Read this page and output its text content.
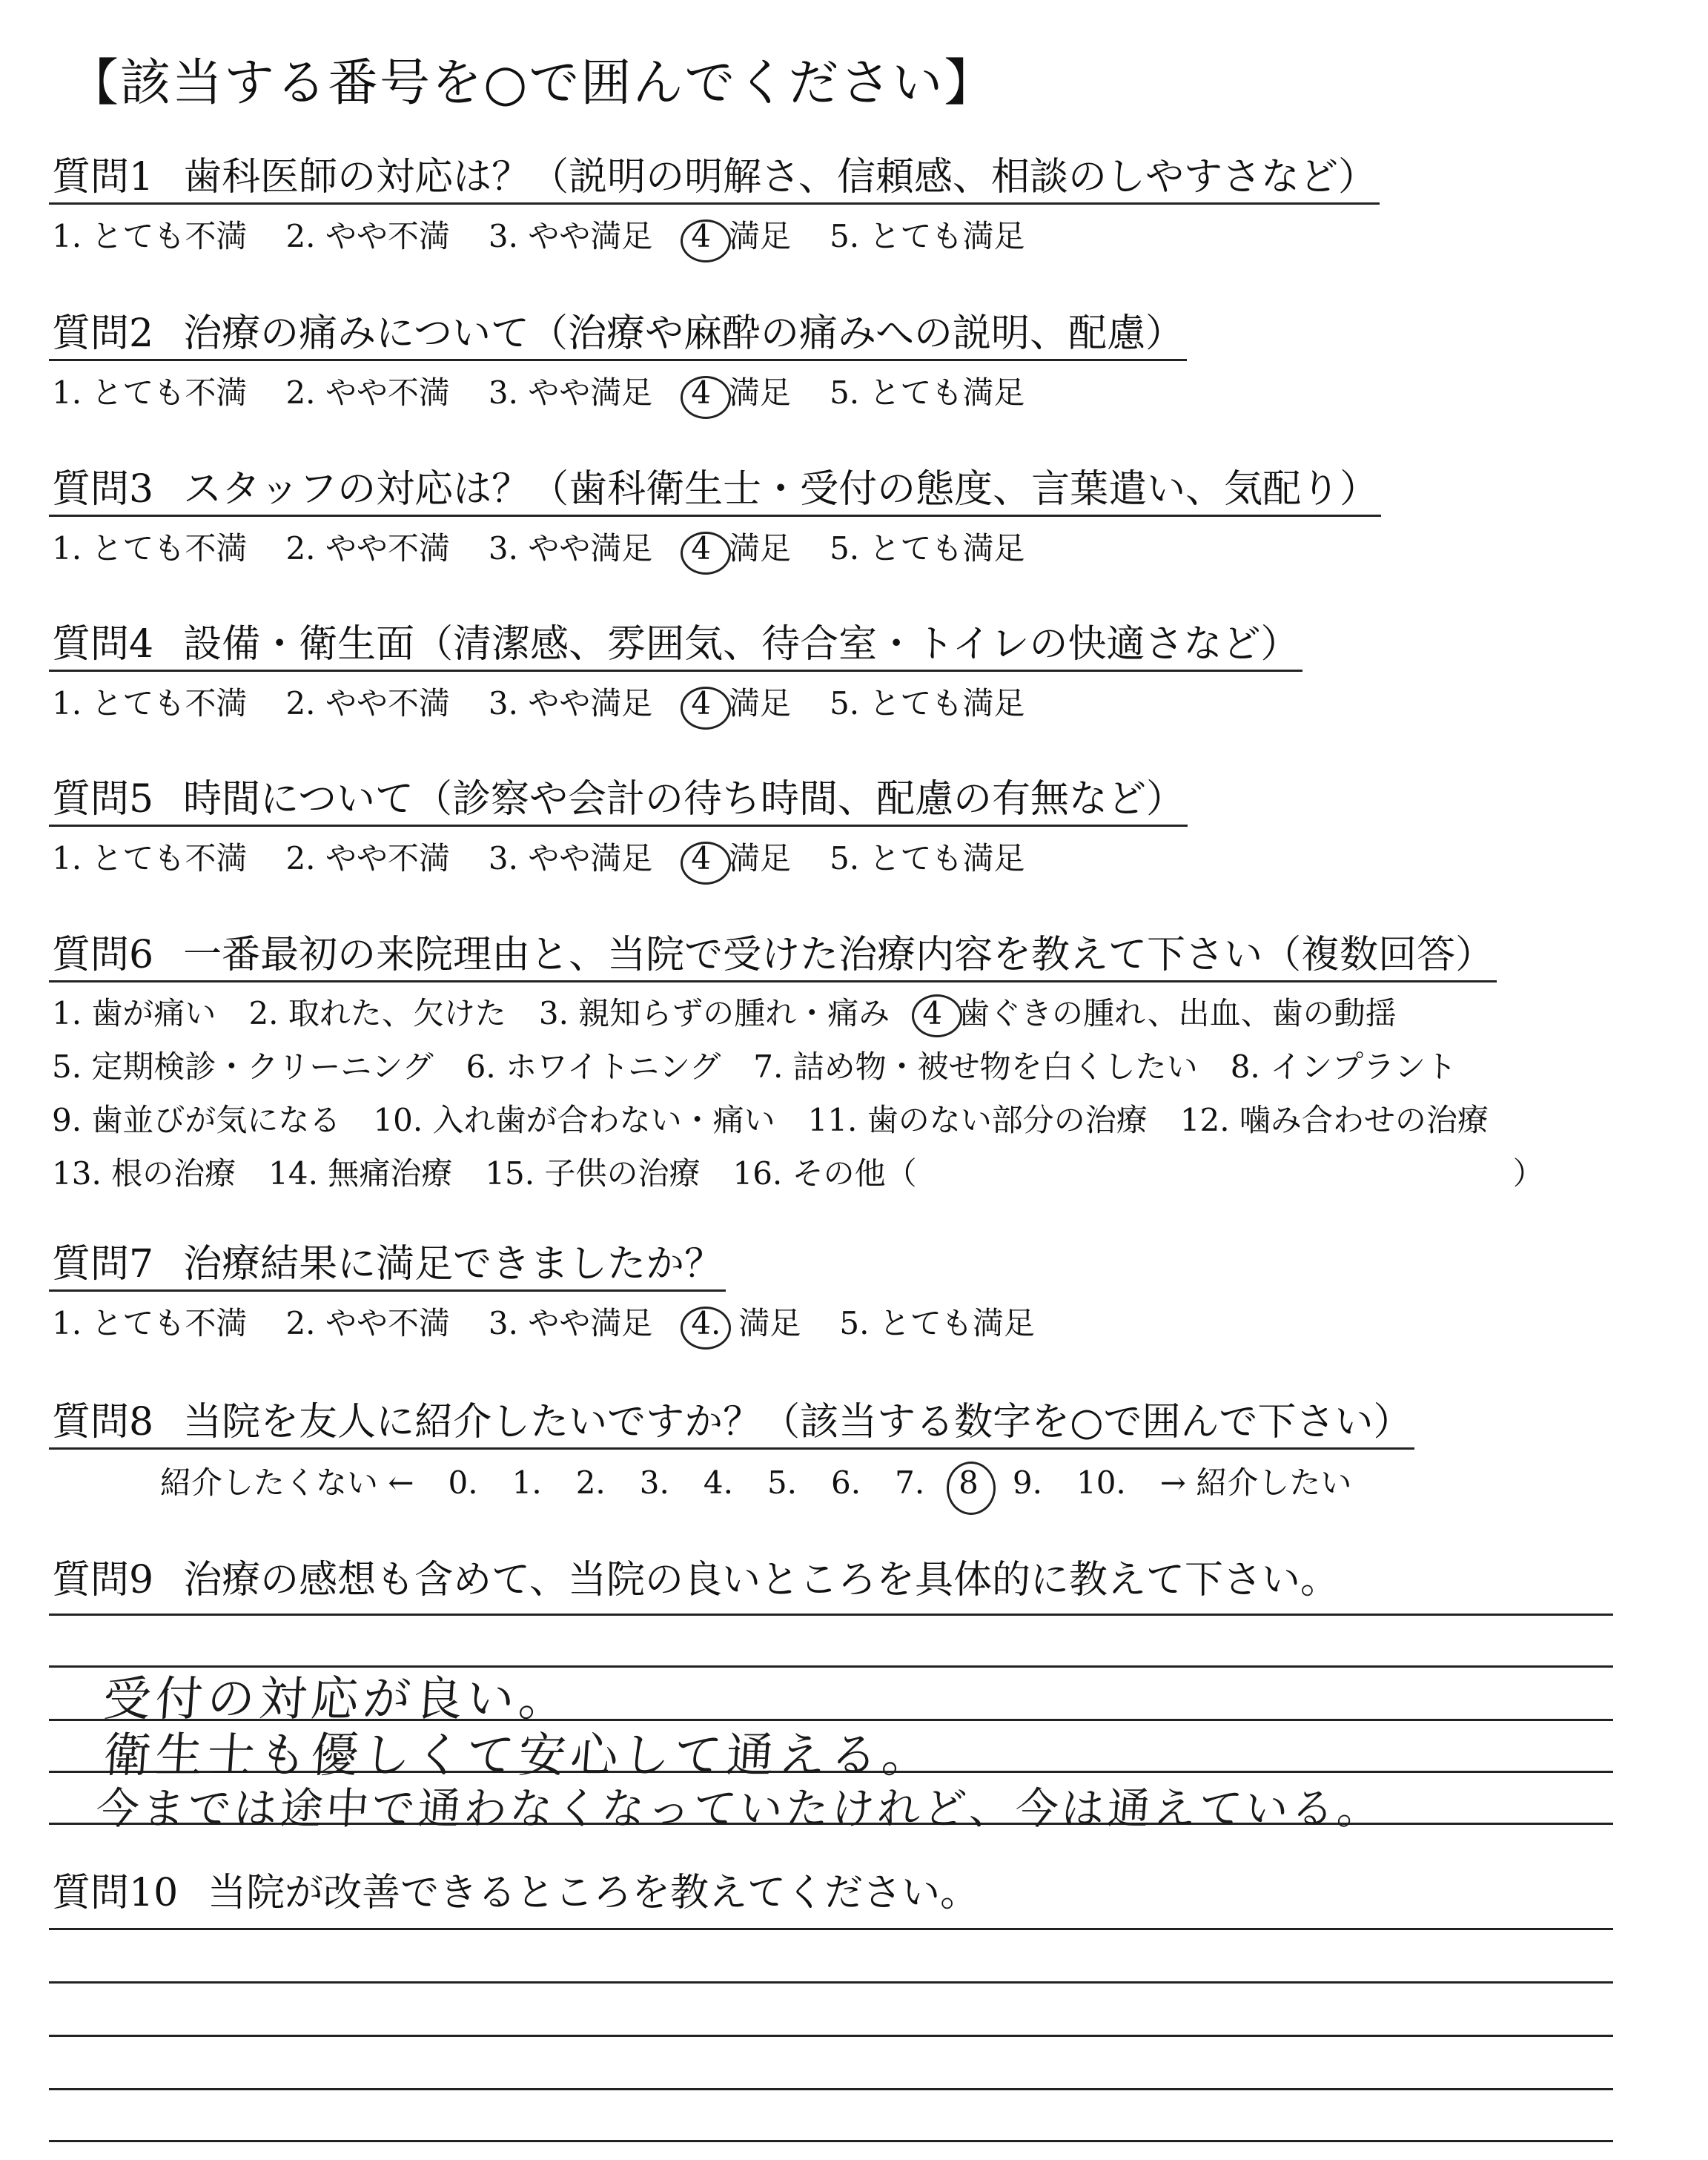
【該当する番号を○で囲んでください】
質問1 歯科医師の対応は？（説明の明解さ、信頼感、相談のしやすさなど）
1. とても不満 2. やや不満 3. やや満足 4 満足 5. とても満足
質問2 治療の痛みについて（治療や麻酔の痛みへの説明、配慮）
1. とても不満 2. やや不満 3. やや満足 4 満足 5. とても満足
質問3 スタッフの対応は？（歯科衛生士・受付の態度、言葉遣い、気配り）
1. とても不満 2. やや不満 3. やや満足 4 満足 5. とても満足
質問4 設備・衛生面（清潔感、雰囲気、待合室・トイレの快適さなど）
1. とても不満 2. やや不満 3. やや満足 4 満足 5. とても満足
質問5 時間について（診察や会計の待ち時間、配慮の有無など）
1. とても不満 2. やや不満 3. やや満足 4 満足 5. とても満足
質問6 一番最初の来院理由と、当院で受けた治療内容を教えて下さい（複数回答）
1. 歯が痛い 2. 取れた、欠けた 3. 親知らずの腫れ・痛み 4 歯ぐきの腫れ、出血、歯の動揺
5. 定期検診・クリーニング 6. ホワイトニング 7. 詰め物・被せ物を白くしたい 8. インプラント
9. 歯並びが気になる 10. 入れ歯が合わない・痛い 11. 歯のない部分の治療 12. 噛み合わせの治療
13. 根の治療 14. 無痛治療 15. 子供の治療 16. その他（	）
質問7 治療結果に満足できましたか？
1. とても不満 2. やや不満 3. やや満足 4. 満足 5. とても満足
質問8 当院を友人に紹介したいですか？（該当する数字を○で囲んで下さい）
紹介したくない ← 0. 1. 2. 3. 4. 5. 6. 7. 8 9. 10. → 紹介したい
質問9 治療の感想も含めて、当院の良いところを具体的に教えて下さい。
受付の対応が良い。
衛生士も優しくて安心して通える。
今までは途中で通わなくなっていたけれど、今は通えている。
質問10 当院が改善できるところを教えてください。
